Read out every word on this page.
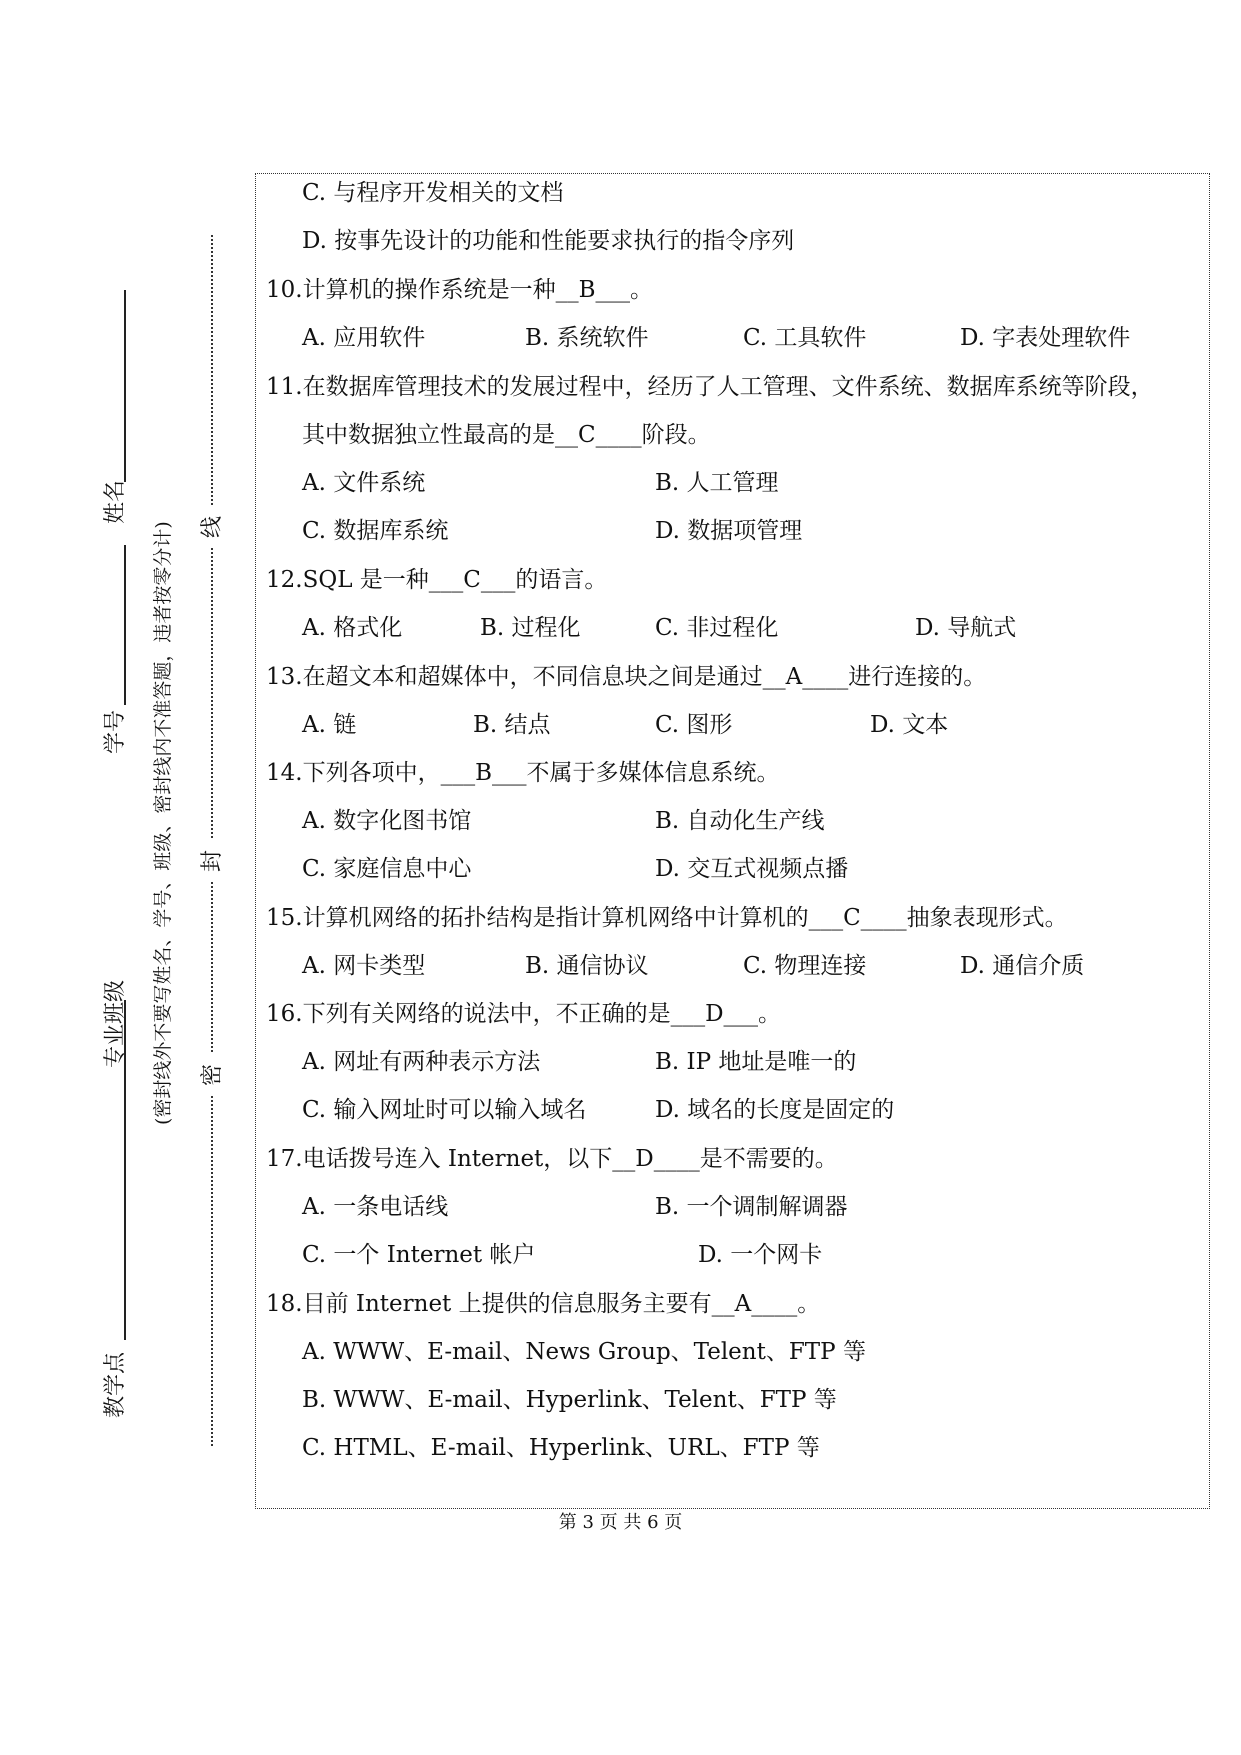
姓名
学号
专业班级
教学点
(密封线外不要写姓名、学号、班级、密封线内不准答题，违者按零分计) 线
封
密
C. 与程序开发相关的文档
D. 按事先设计的功能和性能要求执行的指令序列
10.计算机的操作系统是一种__B___。
A. 应用软件	B. 系统软件	C. 工具软件	D. 字表处理软件
11.在数据库管理技术的发展过程中，经历了人工管理、文件系统、数据库系统等阶段，
其中数据独立性最高的是__C____阶段。
A. 文件系统	B. 人工管理
C. 数据库系统	D. 数据项管理
12.SQL 是一种___C___的语言。
A. 格式化	B. 过程化	C. 非过程化	D. 导航式
13.在超文本和超媒体中，不同信息块之间是通过__A____进行连接的。
A. 链	B. 结点	C. 图形	D. 文本
14.下列各项中，___B___不属于多媒体信息系统。
A. 数字化图书馆	B. 自动化生产线
C. 家庭信息中心	D. 交互式视频点播
15.计算机网络的拓扑结构是指计算机网络中计算机的___C____抽象表现形式。
A. 网卡类型	B. 通信协议	C. 物理连接	D. 通信介质
16.下列有关网络的说法中，不正确的是___D___。
A. 网址有两种表示方法	B. IP 地址是唯一的
C. 输入网址时可以输入域名	D. 域名的长度是固定的
17.电话拨号连入 Internet，以下__D____是不需要的。
A. 一条电话线	B. 一个调制解调器
C. 一个 Internet 帐户	D. 一个网卡
18.目前 Internet 上提供的信息服务主要有__A____。
A. WWW、E-mail、News Group、Telent、FTP 等
B. WWW、E-mail、Hyperlink、Telent、FTP 等
C. HTML、E-mail、Hyperlink、URL、FTP 等
第 3 页 共 6 页
